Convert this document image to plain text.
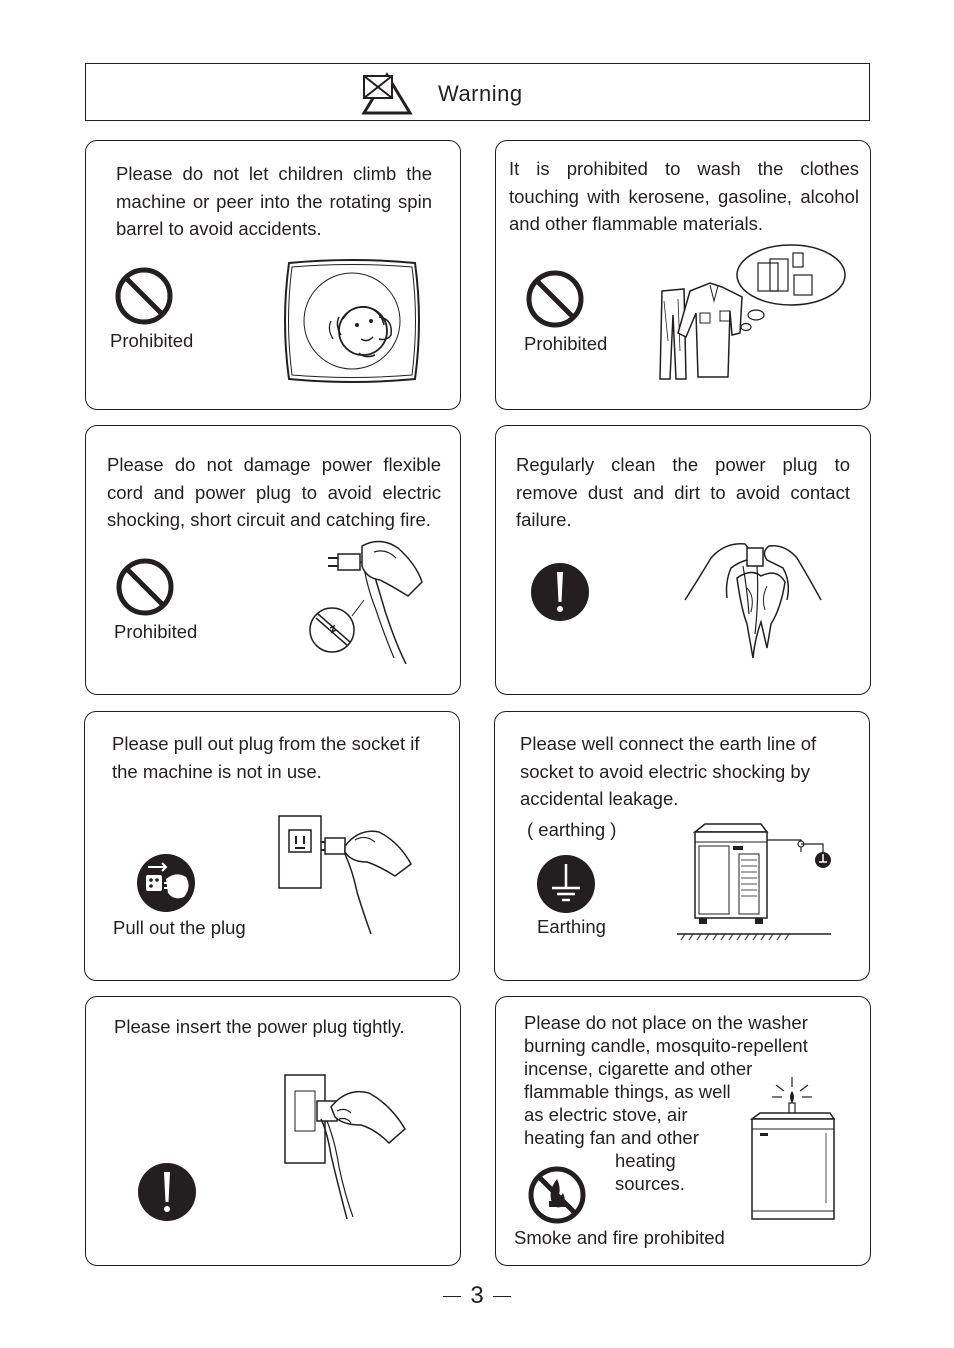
Warning
Please do not let children climb the machine or peer into the rotating spin barrel to avoid accidents.
Prohibited
It is prohibited to wash the clothes touching with kerosene, gasoline, alcohol and other flammable materials.
Prohibited
Please do not damage power flexible cord and power plug to avoid electric shocking, short circuit and catching fire.
Prohibited
Regularly clean the power plug to remove dust and dirt to avoid contact failure.
Please pull out plug from the socket if the machine is not in use.
Pull out the plug
Please well connect the earth line of socket to avoid electric shocking by accidental leakage.
( earthing )
Earthing
Please insert the power plug tightly.	Please do not place on the washer
burning candle, mosquito-repellent
incense, cigarette and other
flammable things, as well
as electric stove, air
heating fan and other
heating
sources.
Smoke and fire prohibited
3
